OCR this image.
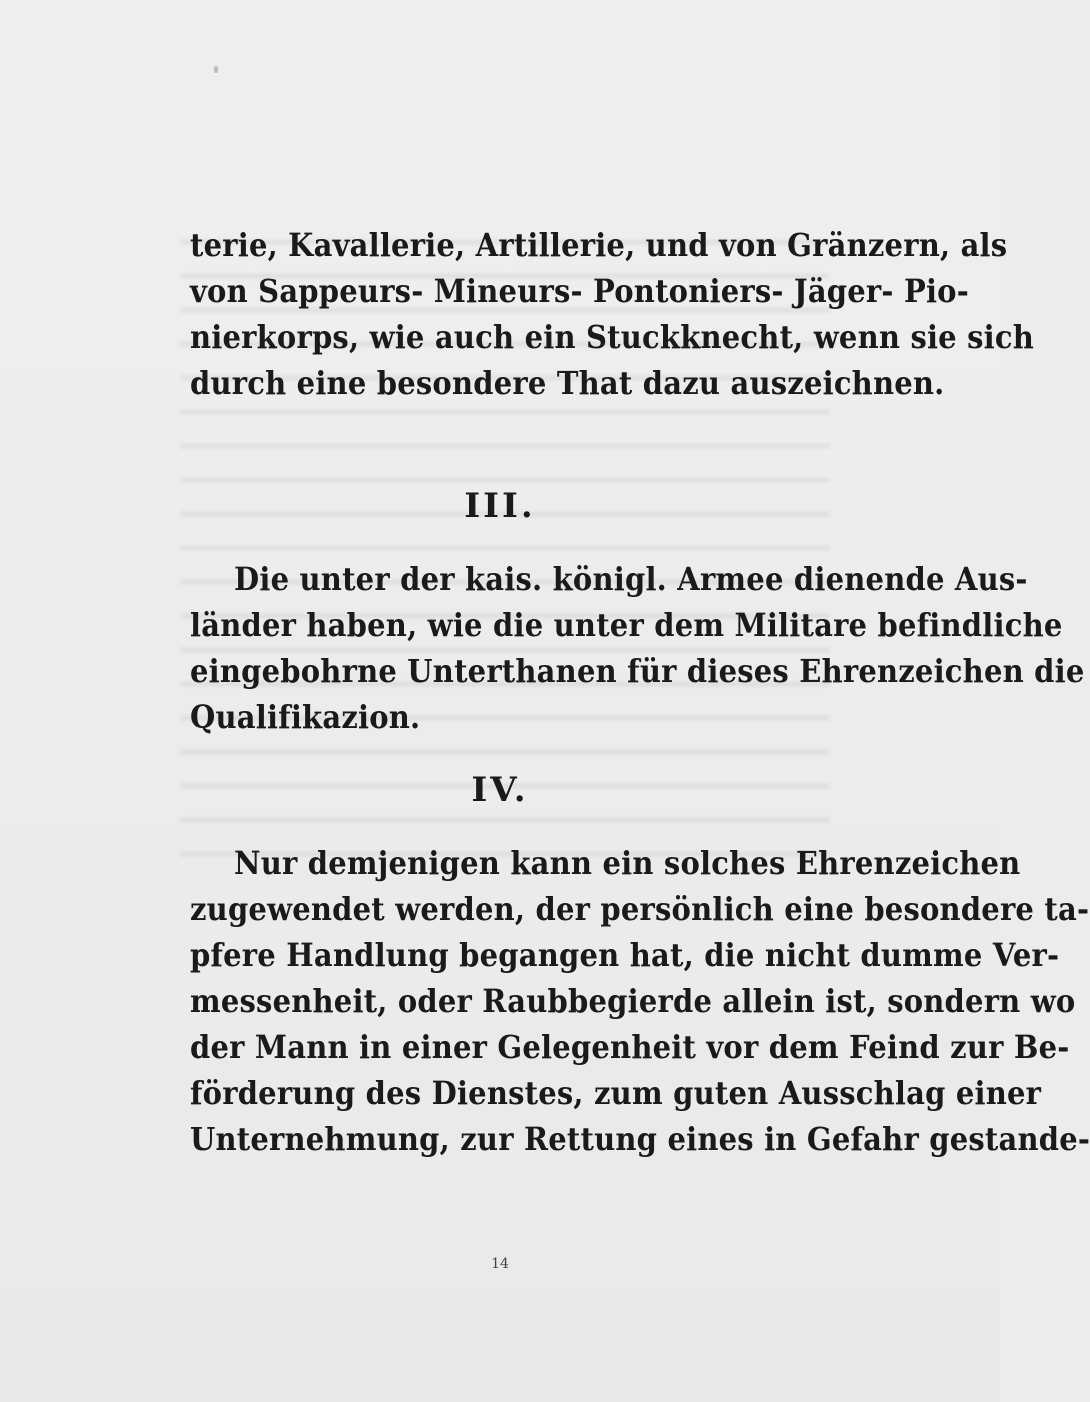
terie, Kavallerie, Artillerie, und von Gränzern, als
von Sappeurs- Mineurs- Pontoniers- Jäger- Pio-
nierkorps, wie auch ein Stuckknecht, wenn sie sich
durch eine besondere That dazu auszeichnen.
III.
Die unter der kais. königl. Armee dienende Aus-
länder haben, wie die unter dem Militare befindliche
eingebohrne Unterthanen für dieses Ehrenzeichen die
Qualifikazion.
IV.
Nur demjenigen kann ein solches Ehrenzeichen
zugewendet werden, der persönlich eine besondere ta-
pfere Handlung begangen hat, die nicht dumme Ver-
messenheit, oder Raubbegierde allein ist, sondern wo
der Mann in einer Gelegenheit vor dem Feind zur Be-
förderung des Dienstes, zum guten Ausschlag einer
Unternehmung, zur Rettung eines in Gefahr gestande-
14
